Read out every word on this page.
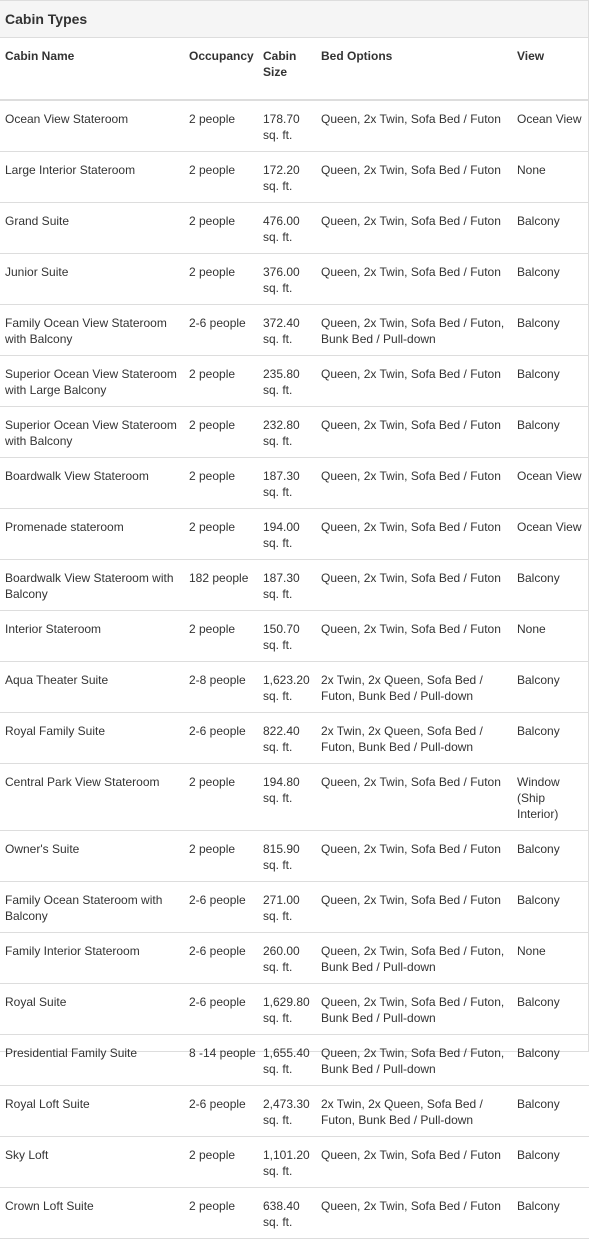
Cabin Types
Cabin Name	Occupancy	Cabin Size	Bed Options	View
Ocean View Stateroom	2 people	178.70 sq. ft.	Queen, 2x Twin, Sofa Bed / Futon	Ocean View
Large Interior Stateroom	2 people	172.20 sq. ft.	Queen, 2x Twin, Sofa Bed / Futon	None
Grand Suite	2 people	476.00 sq. ft.	Queen, 2x Twin, Sofa Bed / Futon	Balcony
Junior Suite	2 people	376.00 sq. ft.	Queen, 2x Twin, Sofa Bed / Futon	Balcony
Family Ocean View Stateroom with Balcony	2-6 people	372.40 sq. ft.	Queen, 2x Twin, Sofa Bed / Futon, Bunk Bed / Pull-down	Balcony
Superior Ocean View Stateroom with Large Balcony	2 people	235.80 sq. ft.	Queen, 2x Twin, Sofa Bed / Futon	Balcony
Superior Ocean View Stateroom with Balcony	2 people	232.80 sq. ft.	Queen, 2x Twin, Sofa Bed / Futon	Balcony
Boardwalk View Stateroom	2 people	187.30 sq. ft.	Queen, 2x Twin, Sofa Bed / Futon	Ocean View
Promenade stateroom	2 people	194.00 sq. ft.	Queen, 2x Twin, Sofa Bed / Futon	Ocean View
Boardwalk View Stateroom with Balcony	182 people	187.30 sq. ft.	Queen, 2x Twin, Sofa Bed / Futon	Balcony
Interior Stateroom	2 people	150.70 sq. ft.	Queen, 2x Twin, Sofa Bed / Futon	None
Aqua Theater Suite	2-8 people	1,623.20 sq. ft.	2x Twin, 2x Queen, Sofa Bed / Futon, Bunk Bed / Pull-down	Balcony
Royal Family Suite	2-6 people	822.40 sq. ft.	2x Twin, 2x Queen, Sofa Bed / Futon, Bunk Bed / Pull-down	Balcony
Central Park View Stateroom	2 people	194.80 sq. ft.	Queen, 2x Twin, Sofa Bed / Futon	Window (Ship Interior)
Owner's Suite	2 people	815.90 sq. ft.	Queen, 2x Twin, Sofa Bed / Futon	Balcony
Family Ocean Stateroom with Balcony	2-6 people	271.00 sq. ft.	Queen, 2x Twin, Sofa Bed / Futon	Balcony
Family Interior Stateroom	2-6 people	260.00 sq. ft.	Queen, 2x Twin, Sofa Bed / Futon, Bunk Bed / Pull-down	None
Royal Suite	2-6 people	1,629.80 sq. ft.	Queen, 2x Twin, Sofa Bed / Futon, Bunk Bed / Pull-down	Balcony
Presidential Family Suite	8 -14 people	1,655.40 sq. ft.	Queen, 2x Twin, Sofa Bed / Futon, Bunk Bed / Pull-down	Balcony
Royal Loft Suite	2-6 people	2,473.30 sq. ft.	2x Twin, 2x Queen, Sofa Bed / Futon, Bunk Bed / Pull-down	Balcony
Sky Loft	2 people	1,101.20 sq. ft.	Queen, 2x Twin, Sofa Bed / Futon	Balcony
Crown Loft Suite	2 people	638.40 sq. ft.	Queen, 2x Twin, Sofa Bed / Futon	Balcony
